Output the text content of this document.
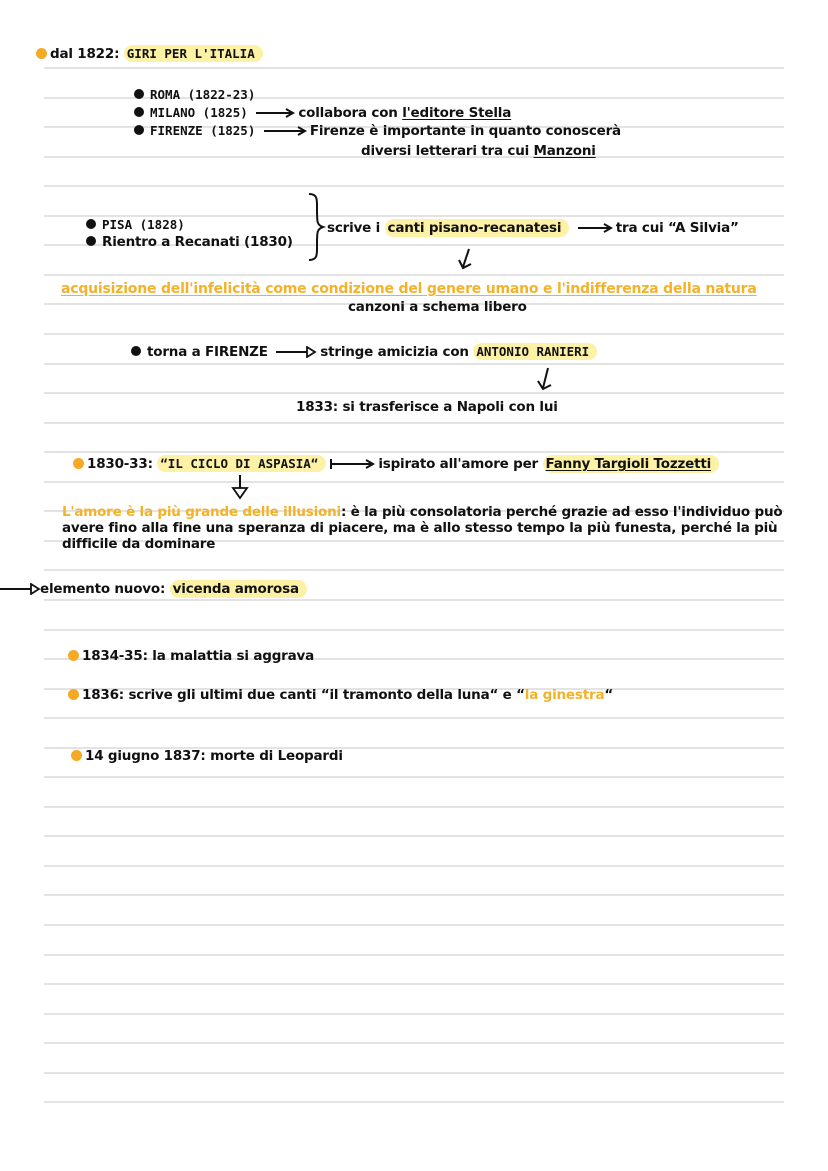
dal 1822: GIRI PER L'ITALIA
ROMA (1822-23)
MILANO (1825)	collabora con l'editore Stella
FIRENZE (1825)	Firenze è importante in quanto conoscerà
diversi letterari tra cui Manzoni
PISA (1828)
Rientro a Recanati (1830)
scrive i canti pisano-recanatesi	tra cui “A Silvia”
acquisizione dell'infelicità come condizione del genere umano e l'indifferenza della natura
canzoni a schema libero
torna a FIRENZE	stringe amicizia con ANTONIO RANIERI
1833: si trasferisce a Napoli con lui
1830-33: “IL CICLO DI ASPASIA“	ispirato all'amore per Fanny Targioli Tozzetti
L'amore è la più grande delle illusioni: è la più consolatoria perché grazie ad esso l'individuo può avere fino alla fine una speranza di piacere, ma è allo stesso tempo la più funesta, perché la più difficile da dominare
elemento nuovo: vicenda amorosa
1834-35: la malattia si aggrava
1836: scrive gli ultimi due canti “il tramonto della luna“ e “la ginestra“
14 giugno 1837: morte di Leopardi
